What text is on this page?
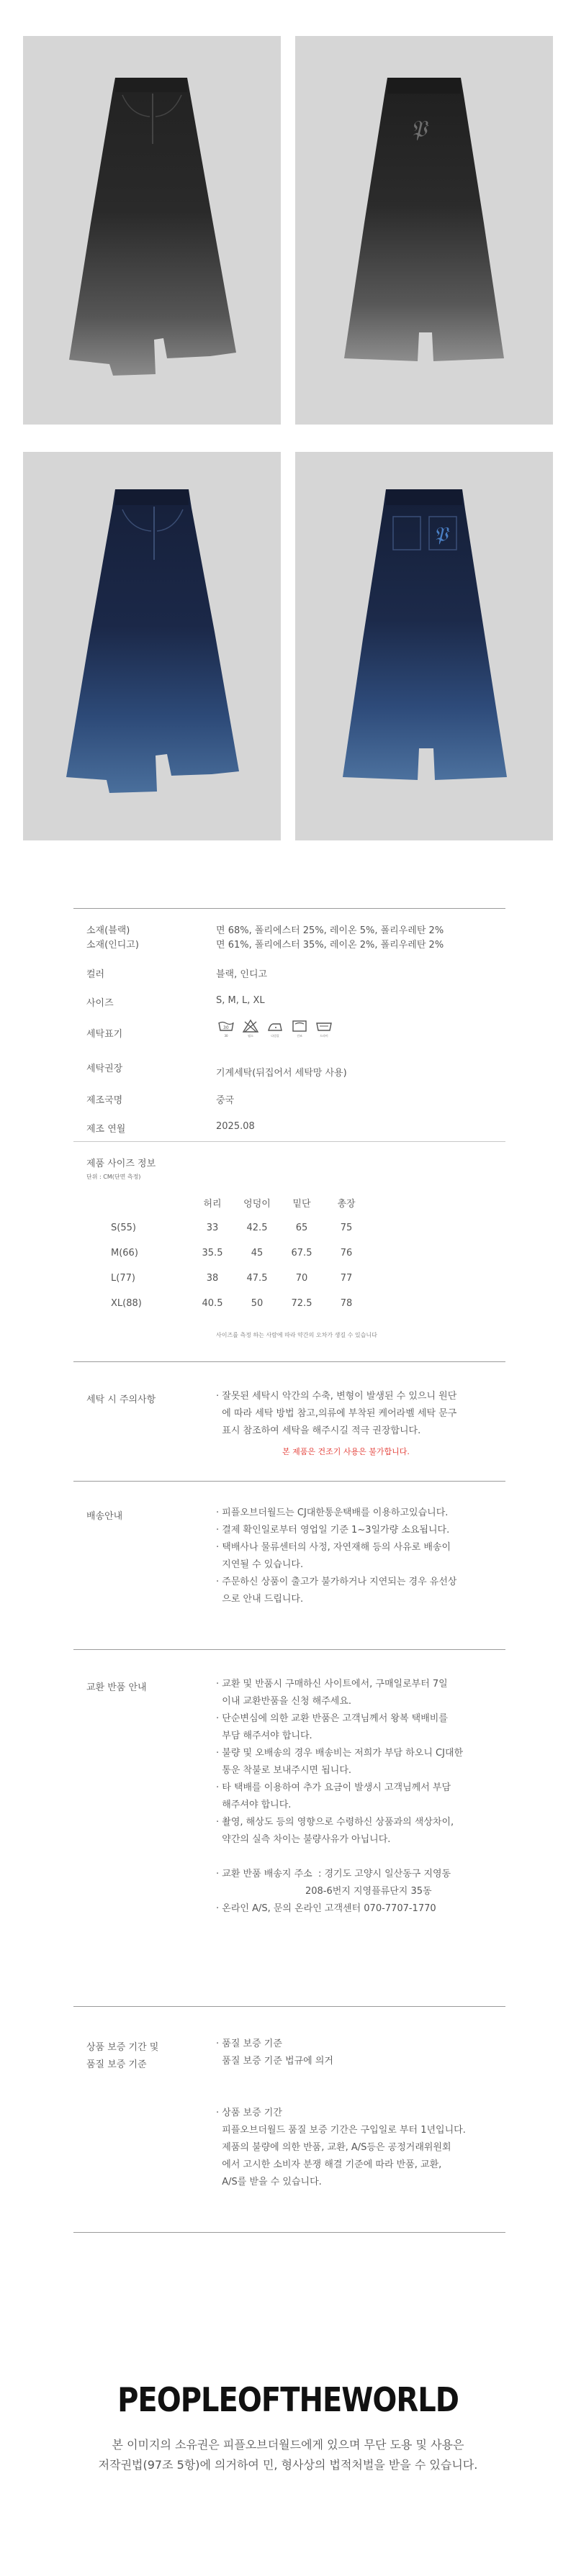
𝔓
𝔓
소재(블랙)	면 68%, 폴리에스터 25%, 레이온 5%, 폴리우레탄 2%
소재(인디고)	면 61%, 폴리에스터 35%, 레이온 2%, 폴리우레탄 2%
컬러	블랙, 인디고
사이즈	S, M, L, XL
세탁표기
30
30	염소	다림질	건조	드라이
세탁권장	기계세탁(뒤집어서 세탁망 사용)
제조국명	중국
제조 연월	2025.08
제품 사이즈 정보
단위 : CM(단면 측정)
	허리	엉덩이	밑단	총장
S(55)	33	42.5	65	75
M(66)	35.5	45	67.5	76
L(77)	38	47.5	70	77
XL(88)	40.5	50	72.5	78
사이즈를 측정 하는 사람에 따라 약간의 오차가 생길 수 있습니다
세탁 시 주의사항	· 잘못된 세탁시 악간의 수축, 변형이 발생된 수 있으니 원단
에 따라 세탁 방법 참고,의류에 부착된 케어라벨 세탁 문구
표시 참조하여 세탁을 해주시길 적극 권장합니다.
본 제품은 건조기 사용은 불가합니다.
배송안내	· 피플오브더월드는 CJ대한통운택배를 이용하고있습니다.
· 결제 확인일로부터 영업일 기준 1~3일가량 소요됩니다.
· 택배사나 물류센터의 사정, 자연재해 등의 사유로 배송이
지연될 수 있습니다.
· 주문하신 상품이 출고가 불가하거나 지연되는 경우 유선상
으로 안내 드립니다.
교환 반품 안내	· 교환 및 반품시 구매하신 사이트에서, 구매일로부터 7일
이내 교환반품을 신청 해주세요.
· 단순변심에 의한 교환 반품은 고객님께서 왕복 택배비를
부담 해주셔야 합니다.
· 불량 및 오배송의 경우 배송비는 저희가 부담 하오니 CJ대한
통운 착불로 보내주시면 됩니다.
· 타 택배를 이용하여 추가 요금이 발생시 고객님께서 부담
해주셔야 합니다.
· 촬영, 해상도 등의 영향으로 수령하신 상품과의 색상차이,
약간의 실측 차이는 불량사유가 아닙니다.
· 교환 반품 배송지 주소  : 경기도 고양시 일산동구 지영동
208-6번지 지영플류단지 35동
· 온라인 A/S, 문의 온라인 고객센터 070-7707-1770
상품 보증 기간 및
품질 보증 기준
· 품질 보증 기준
품질 보증 기준 법규에 의거
· 상품 보증 기간
피플오브더월드 품질 보증 기간은 구입일로 부터 1년입니다.
제품의 불량에 의한 반품, 교환, A/S등은 공정거래위원회
에서 고시한 소비자 분쟁 해결 기준에 따라 반품, 교환,
A/S를 받을 수 있습니다.
PEOPLEOFTHEWORLD
본 이미지의 소유권은 피플오브더월드에게 있으며 무단 도용 및 사용은
저작권법(97조 5항)에 의거하여 민, 형사상의 법적처벌을 받을 수 있습니다.
